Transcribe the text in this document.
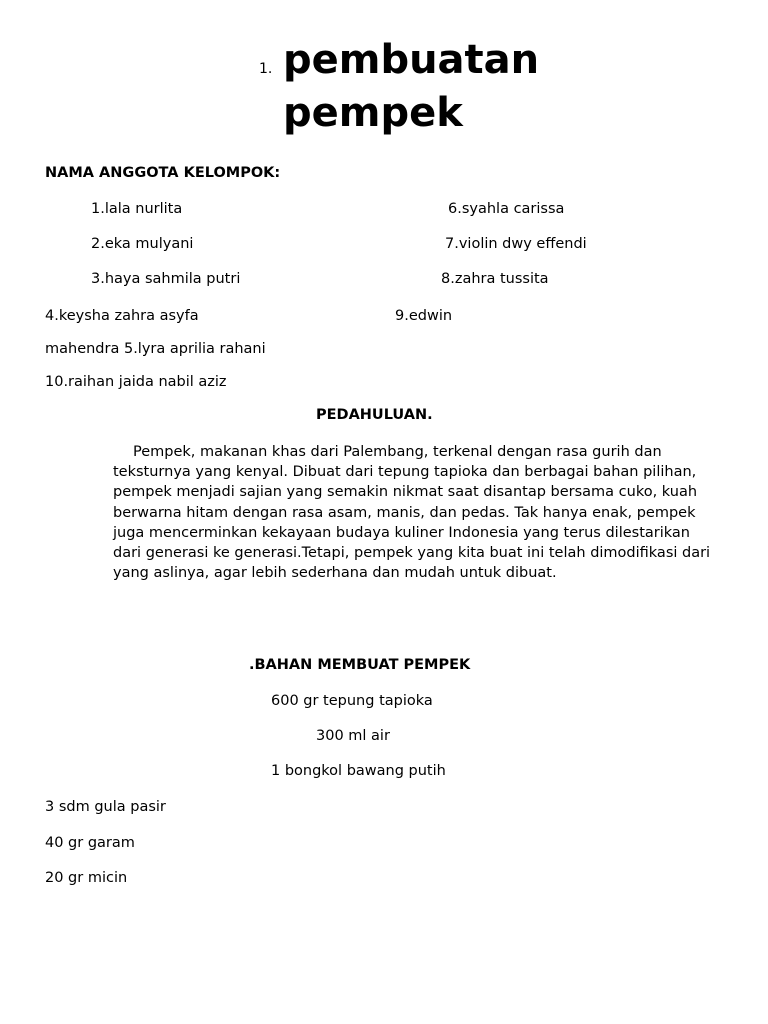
1. pembuatan pempek
NAMA ANGGOTA KELOMPOK:
1.lala nurlita	6.syahla carissa
2.eka mulyani	7.violin dwy effendi
3.haya sahmila putri	8.zahra tussita
4.keysha zahra asyfa	9.edwin
mahendra 5.lyra aprilia rahani
10.raihan jaida nabil aziz
PEDAHULUAN.
Pempek, makanan khas dari Palembang, terkenal dengan rasa gurih dan teksturnya yang kenyal. Dibuat dari tepung tapioka dan berbagai bahan pilihan, pempek menjadi sajian yang semakin nikmat saat disantap bersama cuko, kuah berwarna hitam dengan rasa asam, manis, dan pedas. Tak hanya enak, pempek juga mencerminkan kekayaan budaya kuliner Indonesia yang terus dilestarikan dari generasi ke generasi.Tetapi, pempek yang kita buat ini telah dimodifikasi dari yang aslinya, agar lebih sederhana dan mudah untuk dibuat.
.BAHAN MEMBUAT PEMPEK
600 gr tepung tapioka
300 ml air
1 bongkol bawang putih
3 sdm gula pasir
40 gr garam
20 gr micin
